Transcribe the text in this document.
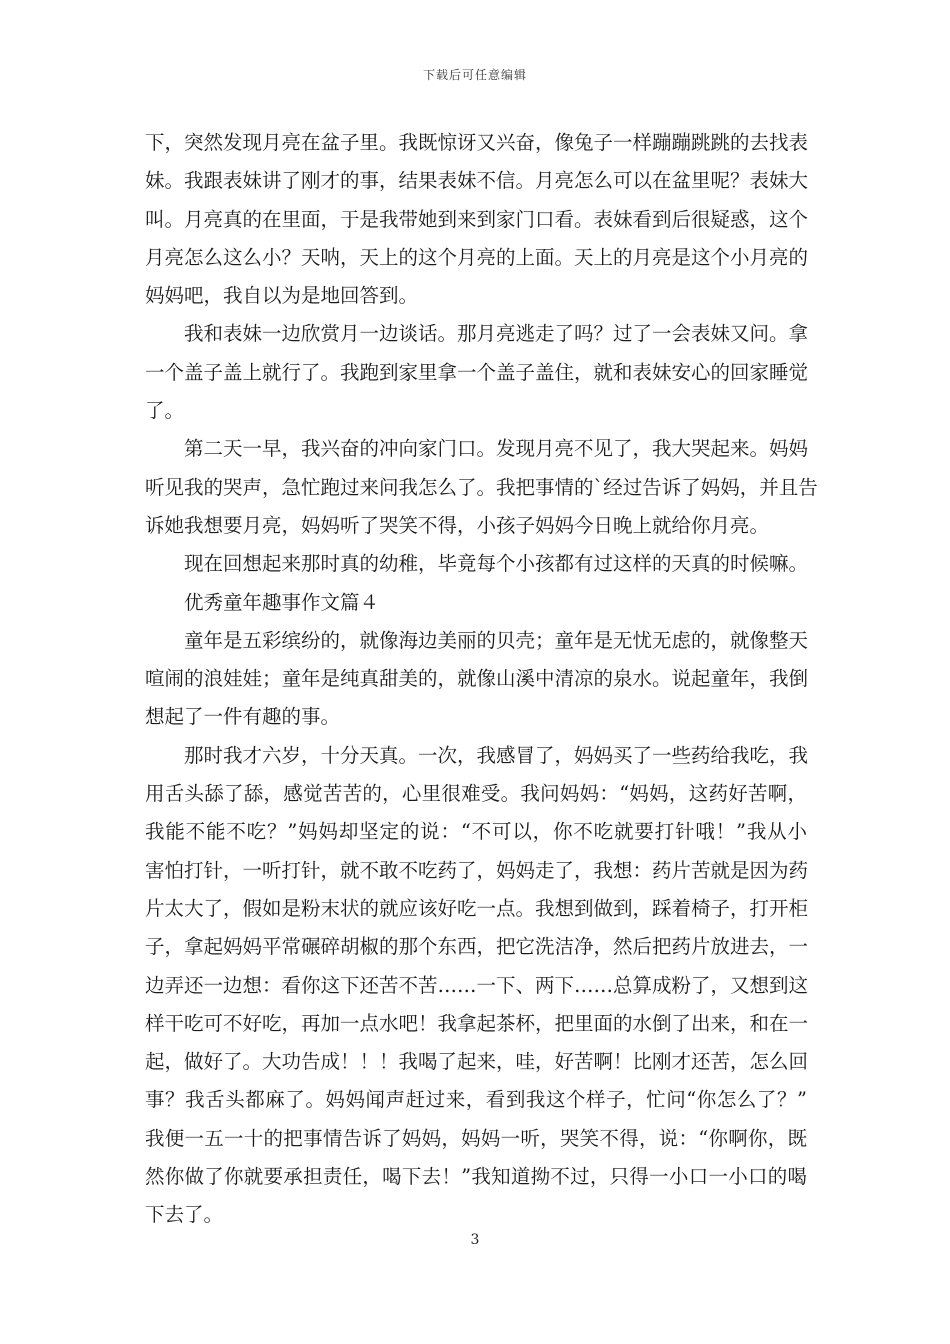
下载后可任意编辑
下，突然发现月亮在盆子里。我既惊讶又兴奋，像兔子一样蹦蹦跳跳的去找表
妹。我跟表妹讲了刚才的事，结果表妹不信。月亮怎么可以在盆里呢？表妹大
叫。月亮真的在里面，于是我带她到来到家门口看。表妹看到后很疑惑，这个
月亮怎么这么小？天呐，天上的这个月亮的上面。天上的月亮是这个小月亮的
妈妈吧，我自以为是地回答到。
我和表妹一边欣赏月一边谈话。那月亮逃走了吗？过了一会表妹又问。拿
一个盖子盖上就行了。我跑到家里拿一个盖子盖住，就和表妹安心的回家睡觉
了。
第二天一早，我兴奋的冲向家门口。发现月亮不见了，我大哭起来。妈妈
听见我的哭声，急忙跑过来问我怎么了。我把事情的`经过告诉了妈妈，并且告
诉她我想要月亮，妈妈听了哭笑不得，小孩子妈妈今日晚上就给你月亮。
现在回想起来那时真的幼稚，毕竟每个小孩都有过这样的天真的时候嘛。
优秀童年趣事作文篇４
童年是五彩缤纷的，就像海边美丽的贝壳；童年是无忧无虑的，就像整天
喧闹的浪娃娃；童年是纯真甜美的，就像山溪中清凉的泉水。说起童年，我倒
想起了一件有趣的事。
那时我才六岁，十分天真。一次，我感冒了，妈妈买了一些药给我吃，我
用舌头舔了舔，感觉苦苦的，心里很难受。我问妈妈：“妈妈，这药好苦啊，
我能不能不吃？”妈妈却坚定的说：“不可以，你不吃就要打针哦！”我从小
害怕打针，一听打针，就不敢不吃药了，妈妈走了，我想：药片苦就是因为药
片太大了，假如是粉末状的就应该好吃一点。我想到做到，踩着椅子，打开柜
子，拿起妈妈平常碾碎胡椒的那个东西，把它洗洁净，然后把药片放进去，一
边弄还一边想：看你这下还苦不苦……一下、两下……总算成粉了，又想到这
样干吃可不好吃，再加一点水吧！我拿起茶杯，把里面的水倒了出来，和在一
起，做好了。大功告成！！！我喝了起来，哇，好苦啊！比刚才还苦，怎么回
事？我舌头都麻了。妈妈闻声赶过来，看到我这个样子，忙问“你怎么了？”
我便一五一十的把事情告诉了妈妈，妈妈一听，哭笑不得，说：“你啊你，既
然你做了你就要承担责任，喝下去！”我知道拗不过，只得一小口一小口的喝
下去了。
3
